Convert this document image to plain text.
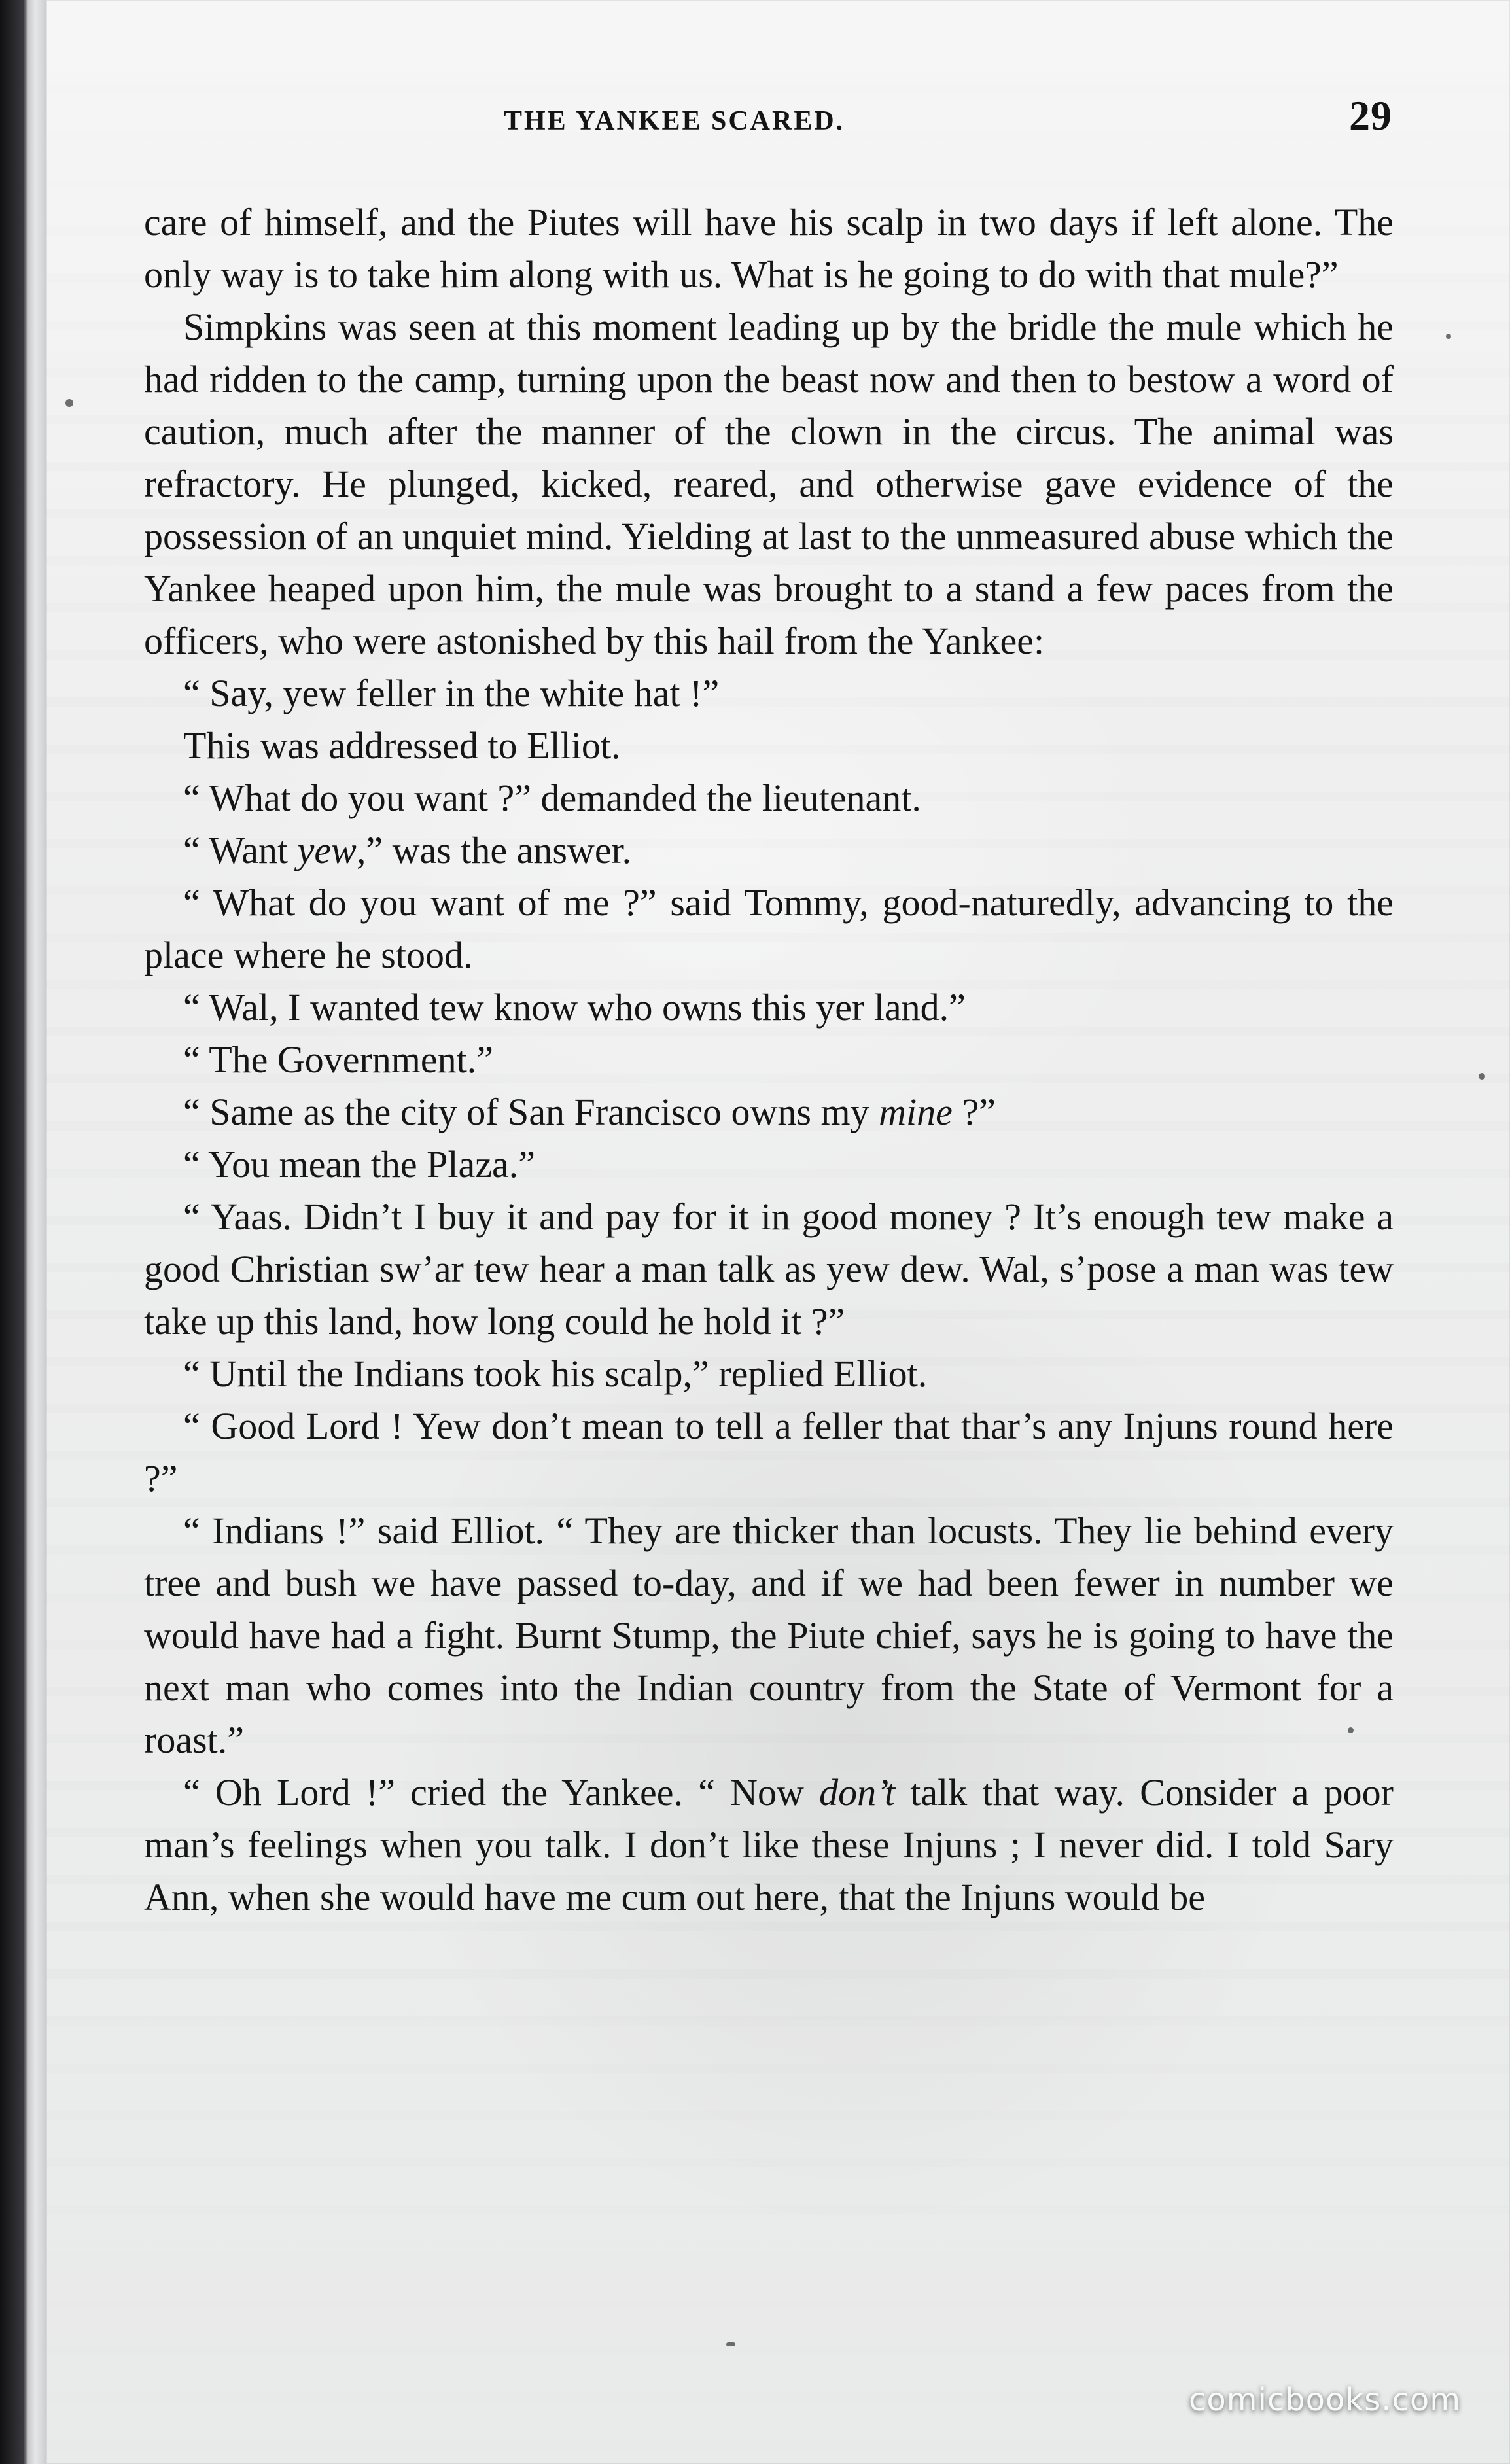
THE YANKEE SCARED.	29

care of himself, and the Piutes will have his scalp in two days if left alone. The only way is to take him along with us. What is he going to do with that mule?”

Simpkins was seen at this moment leading up by the bridle the mule which he had ridden to the camp, turning upon the beast now and then to bestow a word of caution, much after the manner of the clown in the circus. The animal was refractory. He plunged, kicked, reared, and otherwise gave evidence of the possession of an unquiet mind. Yielding at last to the unmeasured abuse which the Yankee heaped upon him, the mule was brought to a stand a few paces from the officers, who were astonished by this hail from the Yankee:

“ Say, yew feller in the white hat !”

This was addressed to Elliot.

“ What do you want ?” demanded the lieutenant.

“ Want yew,” was the answer.

“ What do you want of me ?” said Tommy, good-naturedly, advancing to the place where he stood.

“ Wal, I wanted tew know who owns this yer land.”

“ The Government.”

“ Same as the city of San Francisco owns my mine ?”

“ You mean the Plaza.”

“ Yaas. Didn’t I buy it and pay for it in good money ? It’s enough tew make a good Christian sw’ar tew hear a man talk as yew dew. Wal, s’pose a man was tew take up this land, how long could he hold it ?”

“ Until the Indians took his scalp,” replied Elliot.

“ Good Lord ! Yew don’t mean to tell a feller that thar’s any Injuns round here ?”

“ Indians !” said Elliot. “ They are thicker than locusts. They lie behind every tree and bush we have passed to-day, and if we had been fewer in number we would have had a fight. Burnt Stump, the Piute chief, says he is going to have the next man who comes into the Indian country from the State of Vermont for a roast.”

“ Oh Lord !” cried the Yankee. “ Now don’t talk that way. Consider a poor man’s feelings when you talk. I don’t like these Injuns ; I never did. I told Sary Ann, when she would have me cum out here, that the Injuns would be

comicbooks.com
